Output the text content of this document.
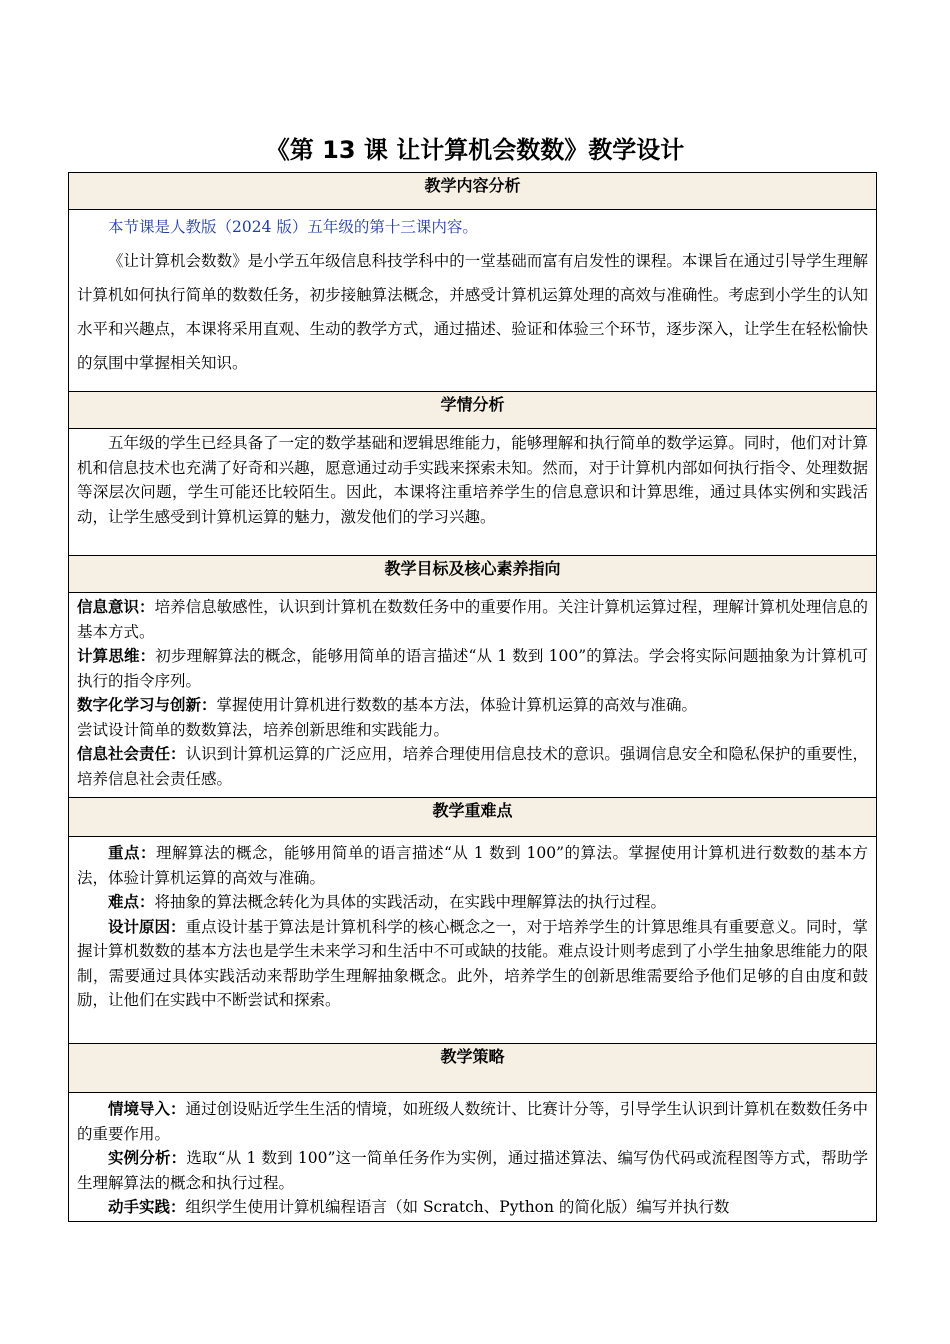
《第 13 课 让计算机会数数》教学设计
教学内容分析

本节课是人教版（2024 版）五年级的第十三课内容。

《让计算机会数数》是小学五年级信息科技学科中的一堂基础而富有启发性的课程。本课旨在通过引导学生理解计算机如何执行简单的数数任务，初步接触算法概念，并感受计算机运算处理的高效与准确性。考虑到小学生的认知水平和兴趣点，本课将采用直观、生动的教学方式，通过描述、验证和体验三个环节，逐步深入，让学生在轻松愉快的氛围中掌握相关知识。

学情分析

五年级的学生已经具备了一定的数学基础和逻辑思维能力，能够理解和执行简单的数学运算。同时，他们对计算机和信息技术也充满了好奇和兴趣，愿意通过动手实践来探索未知。然而，对于计算机内部如何执行指令、处理数据等深层次问题，学生可能还比较陌生。因此，本课将注重培养学生的信息意识和计算思维，通过具体实例和实践活动，让学生感受到计算机运算的魅力，激发他们的学习兴趣。

教学目标及核心素养指向

信息意识：培养信息敏感性，认识到计算机在数数任务中的重要作用。关注计算机运算过程，理解计算机处理信息的基本方式。

计算思维：初步理解算法的概念，能够用简单的语言描述“从 1 数到 100”的算法。学会将实际问题抽象为计算机可执行的指令序列。

数字化学习与创新：掌握使用计算机进行数数的基本方法，体验计算机运算的高效与准确。

尝试设计简单的数数算法，培养创新思维和实践能力。

信息社会责任：认识到计算机运算的广泛应用，培养合理使用信息技术的意识。强调信息安全和隐私保护的重要性，培养信息社会责任感。

教学重难点

重点：理解算法的概念，能够用简单的语言描述“从 1 数到 100”的算法。掌握使用计算机进行数数的基本方法，体验计算机运算的高效与准确。

难点：将抽象的算法概念转化为具体的实践活动，在实践中理解算法的执行过程。

设计原因：重点设计基于算法是计算机科学的核心概念之一，对于培养学生的计算思维具有重要意义。同时，掌握计算机数数的基本方法也是学生未来学习和生活中不可或缺的技能。难点设计则考虑到了小学生抽象思维能力的限制，需要通过具体实践活动来帮助学生理解抽象概念。此外，培养学生的创新思维需要给予他们足够的自由度和鼓励，让他们在实践中不断尝试和探索。

教学策略

情境导入：通过创设贴近学生生活的情境，如班级人数统计、比赛计分等，引导学生认识到计算机在数数任务中的重要作用。

实例分析：选取“从 1 数到 100”这一简单任务作为实例，通过描述算法、编写伪代码或流程图等方式，帮助学生理解算法的概念和执行过程。

动手实践：组织学生使用计算机编程语言（如 Scratch、Python 的简化版）编写并执行数
